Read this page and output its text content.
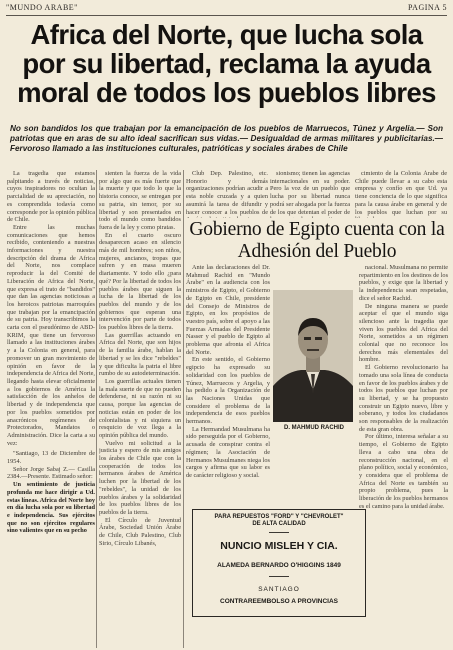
"MUNDO ARABE"	PAGINA 5
Africa del Norte, que lucha sola por su libertad, reclama la ayuda moral de todos los pueblos libres
No son bandidos los que trabajan por la emancipación de los pueblos de Marruecos, Túnez y Argelia.— Son patriotas que en aras de su alto ideal sacrifican sus vidas.— Desigualdad de armas militares y publicitarias.— Fervoroso llamado a las instituciones culturales, patrióticas y sociales árabes de Chile

La tragedia que estamos palpitando a través de noticias, cuyos inspiradores no ocultan la parcialidad de su apreciación, no es comprendida todavía como corresponde por la opinión pública de Chile.

Entre las muchas comunicaciones que hemos recibido, conteniendo a nuestras informaciones y nuestra descripción del drama de Africa del Norte, nos complace reproducir la del Comité de Liberación de Africa del Norte, que expresa el trato de "bandidos" que dan las agencias noticiosas a los heroicos patriotas marroquíes que trabajan por la emancipación de su patria. Hoy transcribimos la carta con el pseudónimo de ABD-KRIM, que tiene un fervoroso llamado a las instituciones árabes y a la Colonia en general, para promover un gran movimiento de opinión en favor de la independencia de Africa del Norte, llegando hasta elevar oficialmente a los gobiernos de América la satisfacción de los anhelos de libertad y de independencia que por los pueblos sometidos por anacrónicos regímenes de Protectorados, Mandatos o Administración. Dice la carta a su vez:

"Santiago, 13 de Diciembre de 1954.

Señor Jorge Sabaj Z.— Casilla 2384.—Presente. Estimado señor:

Un sentimiento de justicia profunda me hace dirigir a Ud. estas líneas. Africa del Norte hoy en día lucha sola por su libertad e independencia. Sus ejércitos que no son ejércitos regulares sino valientes que en su pecho

sienten la fuerza de la vida por algo que es más fuerte que la muerte y que todo lo que la historia conoce, se entregan por su patria, sin temor, por su libertad y son presentados en todo el mundo como bandidos fuera de la ley y como piratas.

En el cuarto oscuro desaparecen acaso en silencio más de mil hombres; son niños, mujeres, ancianos, tropas que sufren y en masa mueren diariamente. Y todo ello ¿para qué? Por la libertad de todos los pueblos árabes que siguen la lucha de la libertad de los pueblos del mundo y de los gobiernos que esperan una intervención por parte de todos los pueblos libres de la tierra.

Las guerrillas actuando en Africa del Norte, que son hijos de la familia árabe, hablan la libertad y se les dice "rebeldes" y que dificulta la patria el libre rumbo de su autodeterminación.

Los guerrillas actuales tienen la mala suerte de que no pueden defenderse, ni su razón ni su causa, porque las agencias de noticias están en poder de los colonialistas y ni siquiera un resquicio de voz llega a la opinión pública del mundo.

Vuelvo mi solicitud a la justicia y espero de mis amigos los árabes de Chile que con la cooperación de todos los hermanos árabes de América luchen por la libertad de los "rebeldes", la unidad de los pueblos árabes y la solidaridad de los pueblos libres de los pueblos de la tierra.

El Círculo de Juventud Árabe, Sociedad Unión Árabe de Chile, Club Palestino, Club Sirio, Círculo Libanés,

Club Dep. Palestino, etc. Honorio y demás organizaciones podrían acudir a esta noble cruzada y a quien asumirá la tarea de difundir y hacer conocer a los pueblos de

sionismo; tienen las agencias internacionales en su poder. Pero la voz de un pueblo que lucha por su libertad nunca podrá ser ahogada por la fuerza de los que detentan el poder de

cimiento de la Colonia Árabe de Chile puede llevar a su cabo esta empresa y confío en que Ud. ya tiene conciencia de lo que significa para la causa árabe en general y de los pueblos que luchan por su

Gobierno de Egipto cuenta con la Adhesión del Pueblo

Ante las declaraciones del Dr. Mahmud Rachid en "Mundo Árabe" en la audiencia con los ministros de Egipto, el Gobierno de Egipto en Chile, presidente del Consejo de Ministros de Egipto, en los propósitos de vuestro país, sobre el apoyo a las Fuerzas Armadas del Presidente Nasser y el pueblo de Egipto al problema que afronta el Africa del Norte.

En este sentido, el Gobierno egipcio ha expresado su solidaridad con los pueblos de Túnez, Marruecos y Argelia, y ha pedido a la Organización de las Naciones Unidas que considere el problema de la independencia de esos pueblos hermanos.

La Hermandad Musulmana ha sido perseguida por el Gobierno, acusada de conspirar contra el régimen; la Asociación de Hermanos Musulmanes niega los cargos y afirma que su labor es de carácter religioso y social.

nacional. Musulmana no permite repartimiento en los destinos de los pueblos, y exige que la libertad y la independencia sean respetadas, dice el señor Rachid.

De ninguna manera se puede aceptar el que el mundo siga silencioso ante la tragedia que viven los pueblos del Africa del Norte, sometidos a un régimen colonial que no reconoce los derechos más elementales del hombre.

El Gobierno revolucionario ha tomado una sola línea de conducta en favor de los pueblos árabes y de todos los pueblos que luchan por su libertad, y se ha propuesto construir un Egipto nuevo, libre y soberano, y todos los ciudadanos son responsables de la realización de esta gran obra.

Por último, interesa señalar a su tiempo, el Gobierno de Egipto lleva a cabo una obra de reconstrucción nacional, en el plano político, social y económico, y considera que el problema de Africa del Norte es también su propio problema, pues la liberación de los pueblos hermanos es el camino para la unidad árabe.

D. MAHMUD RACHID
PARA REPUESTOS "FORD" Y "CHEVROLET"
DE ALTA CALIDAD
NUNCIO MISLEH Y CIA.
ALAMEDA BERNARDO O'HIGGINS 1849
SANTIAGO
CONTRAREEMBOLSO A PROVINCIAS
